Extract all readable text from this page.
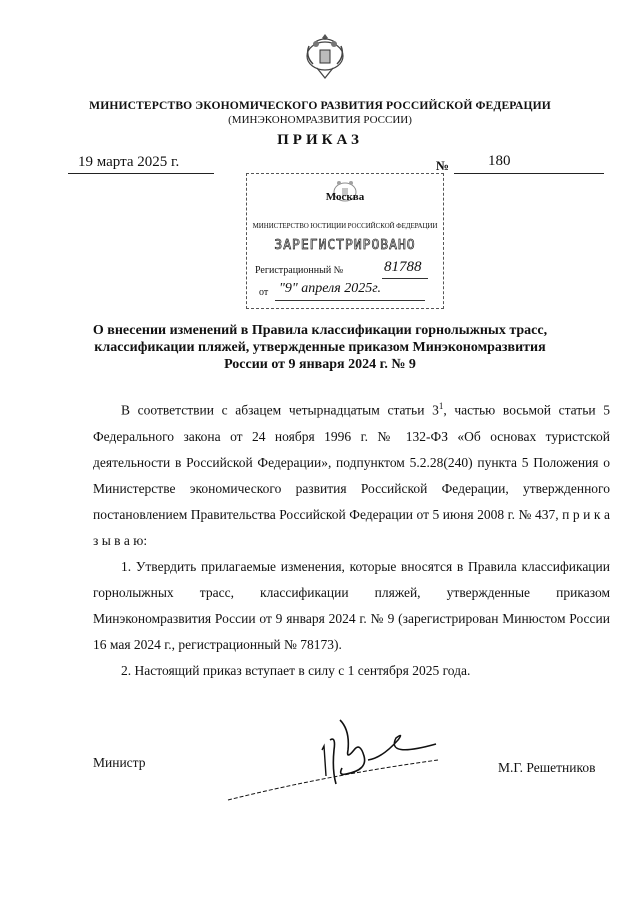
МИНИСТЕРСТВО ЭКОНОМИЧЕСКОГО РАЗВИТИЯ РОССИЙСКОЙ ФЕДЕРАЦИИ
(МИНЭКОНОМРАЗВИТИЯ РОССИИ)
ПРИКАЗ
19 марта 2025 г.	№	180
Москва
МИНИСТЕРСТВО ЮСТИЦИИ РОССИЙСКОЙ ФЕДЕРАЦИИ
ЗАРЕГИСТРИРОВАНО
Регистрационный №	81788
от "9" апреля 2025г.
О внесении изменений в Правила классификации горнолыжных трасс, классификации пляжей, утвержденные приказом Минэкономразвития России от 9 января 2024 г. № 9

В соответствии с абзацем четырнадцатым статьи $3^1$, частью восьмой статьи 5 Федерального закона от 24 ноября 1996 г. № 132-ФЗ «Об основах туристской деятельности в Российской Федерации», подпунктом 5.2.28(240) пункта 5 Положения о Министерстве экономического развития Российской Федерации, утвержденного постановлением Правительства Российской Федерации от 5 июня 2008 г. № 437, п р и к а з ы в а ю:

1. Утвердить прилагаемые изменения, которые вносятся в Правила классификации горнолыжных трасс, классификации пляжей, утвержденные приказом Минэкономразвития России от 9 января 2024 г. № 9 (зарегистрирован Минюстом России 16 мая 2024 г., регистрационный № 78173).

2. Настоящий приказ вступает в силу с 1 сентября 2025 года.

Министр	М.Г. Решетников
